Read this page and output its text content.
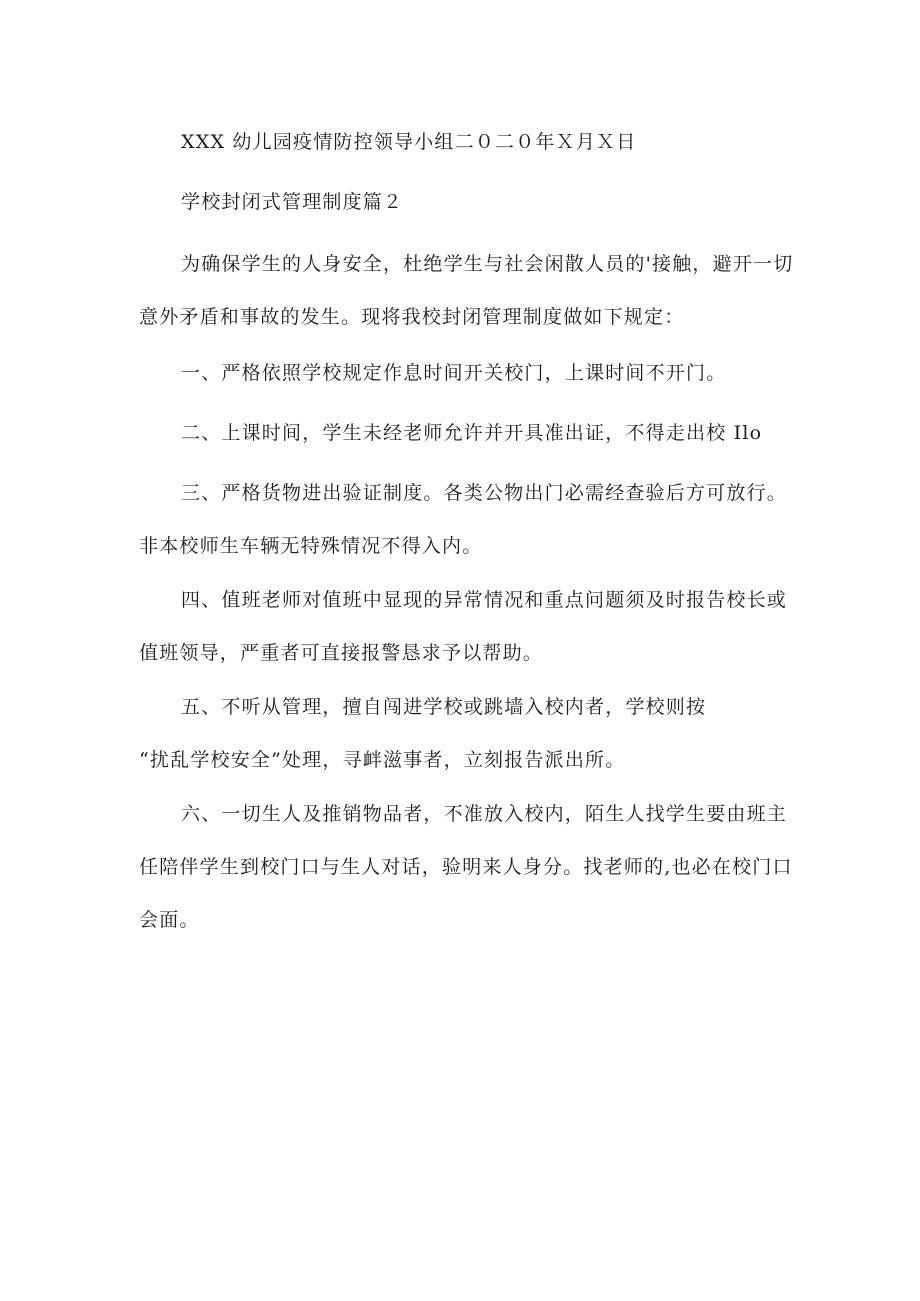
XXX 幼儿园疫情防控领导小组二０二０年Ｘ月Ｘ日
学校封闭式管理制度篇２
为确保学生的人身安全，杜绝学生与社会闲散人员的'接触，避开一切
意外矛盾和事故的发生。现将我校封闭管理制度做如下规定：
一、严格依照学校规定作息时间开关校门，上课时间不开门。
二、上课时间，学生未经老师允许并开具准出证，不得走出校 Ilo
三、严格货物进出验证制度。各类公物出门必需经查验后方可放行。
非本校师生车辆无特殊情况不得入内。
四、值班老师对值班中显现的异常情况和重点问题须及时报告校长或
值班领导，严重者可直接报警恳求予以帮助。
五、不听从管理，擅自闯进学校或跳墙入校内者，学校则按
“扰乱学校安全”处理，寻衅滋事者，立刻报告派出所。
六、一切生人及推销物品者，不准放入校内，陌生人找学生要由班主
任陪伴学生到校门口与生人对话，验明来人身分。找老师的,也必在校门口
会面。
